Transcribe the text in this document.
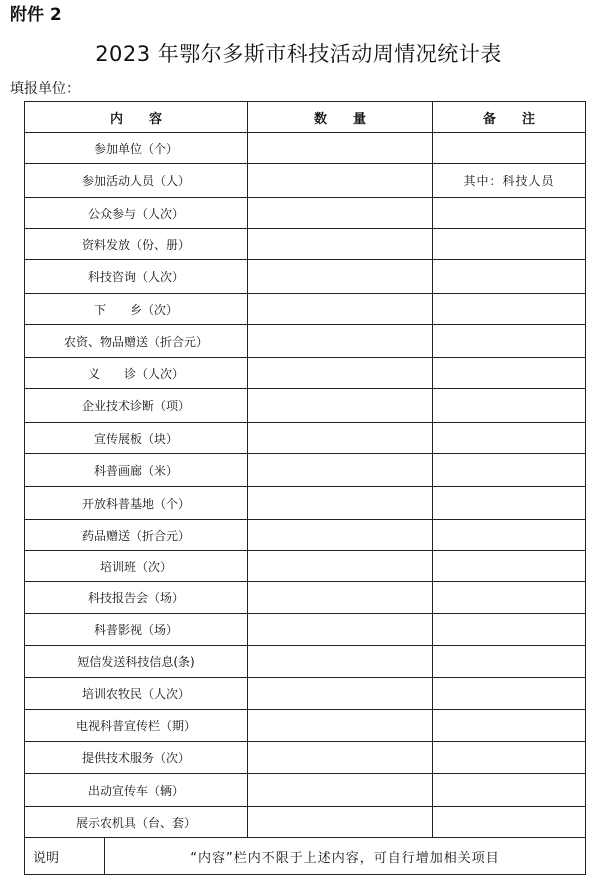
附件 2
2023 年鄂尔多斯市科技活动周情况统计表
填报单位：
内　　容	数　　量	备　　注
参加单位（个）		
参加活动人员（人）		其中：科技人员
公众参与（人次）		
资料发放（份、册）		
科技咨询（人次）		
下　　乡（次）		
农资、物品赠送（折合元）		
义　　诊（人次）		
企业技术诊断（项）		
宣传展板（块）		
科普画廊（米）		
开放科普基地（个）		
药品赠送（折合元）		
培训班（次）		
科技报告会（场）		
科普影视（场）		
短信发送科技信息(条)		
培训农牧民（人次）		
电视科普宣传栏（期）		
提供技术服务（次）		
出动宣传车（辆）		
展示农机具（台、套）		

说明 “内容”栏内不限于上述内容，可自行增加相关项目		
